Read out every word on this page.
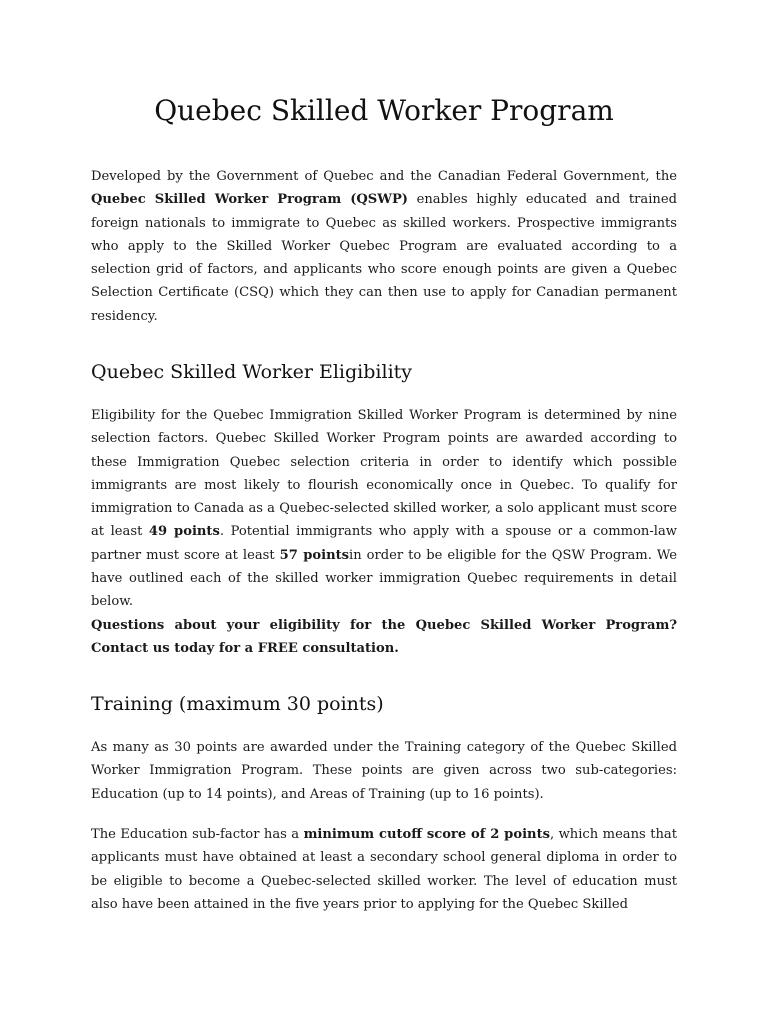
Quebec Skilled Worker Program

Developed by the Government of Quebec and the Canadian Federal Government, the Quebec Skilled Worker Program (QSWP) enables highly educated and trained foreign nationals to immigrate to Quebec as skilled workers. Prospective immigrants who apply to the Skilled Worker Quebec Program are evaluated according to a selection grid of factors, and applicants who score enough points are given a Quebec Selection Certificate (CSQ) which they can then use to apply for Canadian permanent residency.

Quebec Skilled Worker Eligibility

Eligibility for the Quebec Immigration Skilled Worker Program is determined by nine selection factors. Quebec Skilled Worker Program points are awarded according to these Immigration Quebec selection criteria in order to identify which possible immigrants are most likely to flourish economically once in Quebec. To qualify for immigration to Canada as a Quebec-selected skilled worker, a solo applicant must score at least 49 points. Potential immigrants who apply with a spouse or a common-law partner must score at least 57 pointsin order to be eligible for the QSW Program. We have outlined each of the skilled worker immigration Quebec requirements in detail below.
Questions about your eligibility for the Quebec Skilled Worker Program? Contact us today for a FREE consultation.

Training (maximum 30 points)

As many as 30 points are awarded under the Training category of the Quebec Skilled Worker Immigration Program. These points are given across two sub-categories: Education (up to 14 points), and Areas of Training (up to 16 points).

The Education sub-factor has a minimum cutoff score of 2 points, which means that applicants must have obtained at least a secondary school general diploma in order to be eligible to become a Quebec-selected skilled worker. The level of education must also have been attained in the five years prior to applying for the Quebec Skilled
